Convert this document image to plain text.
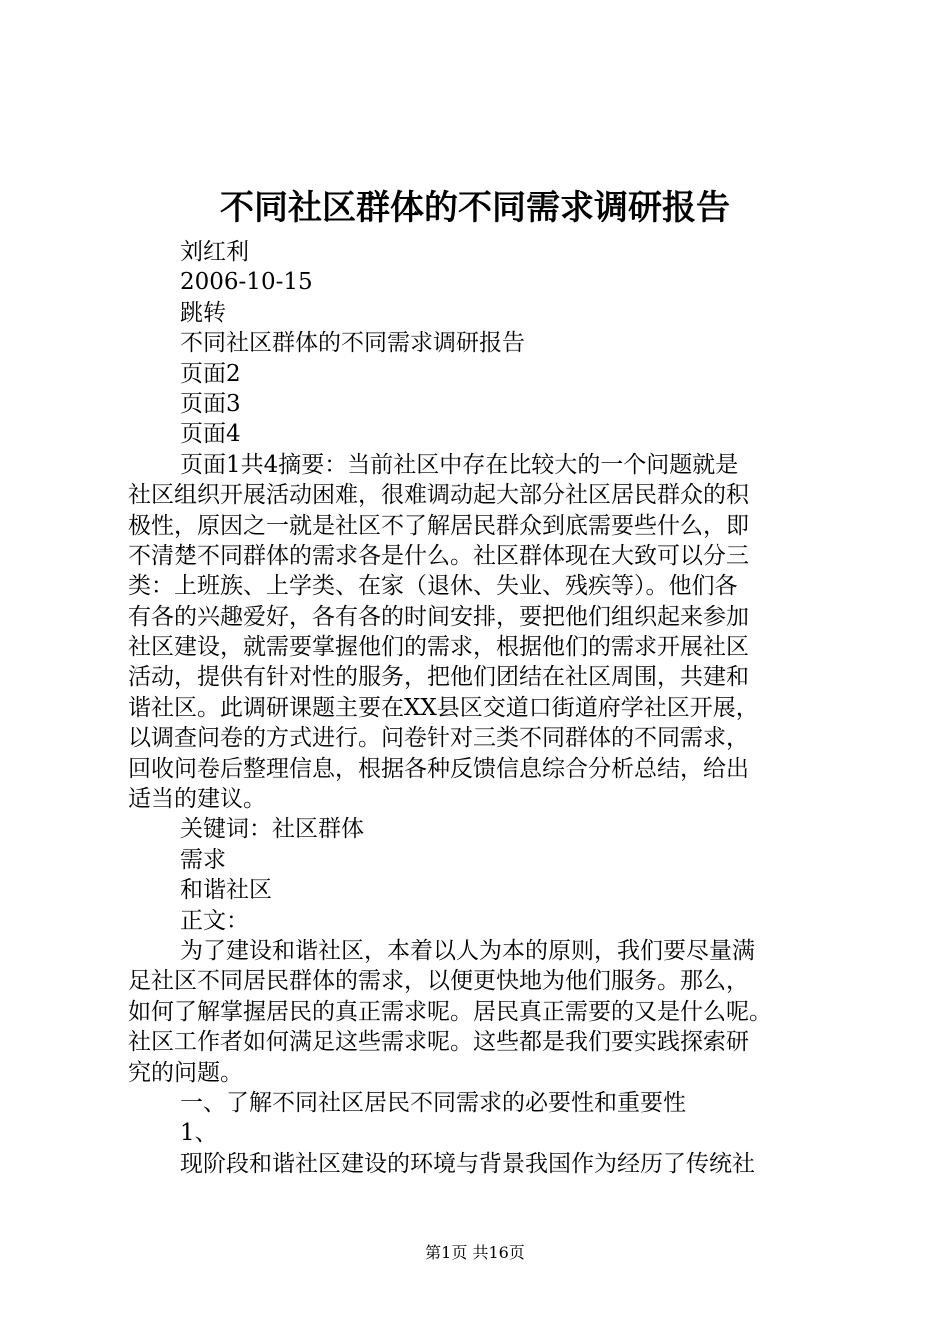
不同社区群体的不同需求调研报告
刘红利
2006-10-15
跳转
不同社区群体的不同需求调研报告
页面2
页面3
页面4
页面1共4摘要：当前社区中存在比较大的一个问题就是
社区组织开展活动困难，很难调动起大部分社区居民群众的积
极性，原因之一就是社区不了解居民群众到底需要些什么，即
不清楚不同群体的需求各是什么。社区群体现在大致可以分三
类：上班族、上学类、在家（退休、失业、残疾等）。他们各
有各的兴趣爱好，各有各的时间安排，要把他们组织起来参加
社区建设，就需要掌握他们的需求，根据他们的需求开展社区
活动，提供有针对性的服务，把他们团结在社区周围，共建和
谐社区。此调研课题主要在XX县区交道口街道府学社区开展，
以调查问卷的方式进行。问卷针对三类不同群体的不同需求，
回收问卷后整理信息，根据各种反馈信息综合分析总结，给出
适当的建议。
关键词：社区群体
需求
和谐社区
正文：
为了建设和谐社区，本着以人为本的原则，我们要尽量满
足社区不同居民群体的需求，以便更快地为他们服务。那么，
如何了解掌握居民的真正需求呢。居民真正需要的又是什么呢。
社区工作者如何满足这些需求呢。这些都是我们要实践探索研
究的问题。
一、了解不同社区居民不同需求的必要性和重要性
1、
现阶段和谐社区建设的环境与背景我国作为经历了传统社
第1页 共16页
